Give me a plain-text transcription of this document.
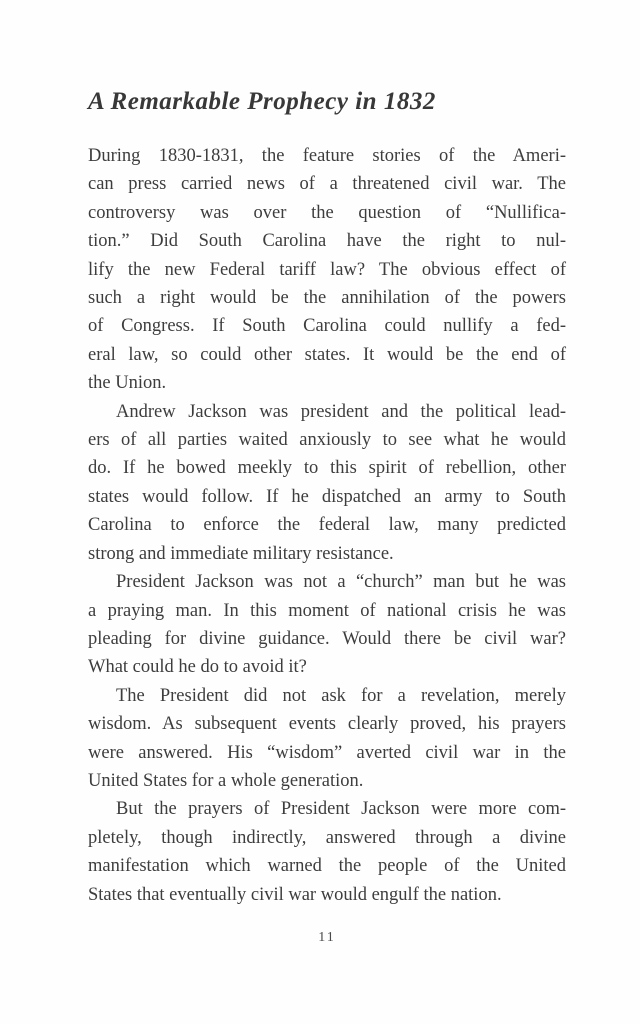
A Remarkable Prophecy in 1832
During 1830-1831, the feature stories of the Ameri-
can press carried news of a threatened civil war. The
controversy was over the question of “Nullifica-
tion.” Did South Carolina have the right to nul-
lify the new Federal tariff law? The obvious effect of
such a right would be the annihilation of the powers
of Congress. If South Carolina could nullify a fed-
eral law, so could other states. It would be the end of
the Union.
Andrew Jackson was president and the political lead-
ers of all parties waited anxiously to see what he would
do. If he bowed meekly to this spirit of rebellion, other
states would follow. If he dispatched an army to South
Carolina to enforce the federal law, many predicted
strong and immediate military resistance.
President Jackson was not a “church” man but he was
a praying man. In this moment of national crisis he was
pleading for divine guidance. Would there be civil war?
What could he do to avoid it?
The President did not ask for a revelation, merely
wisdom. As subsequent events clearly proved, his prayers
were answered. His “wisdom” averted civil war in the
United States for a whole generation.
But the prayers of President Jackson were more com-
pletely, though indirectly, answered through a divine
manifestation which warned the people of the United
States that eventually civil war would engulf the nation.
11
